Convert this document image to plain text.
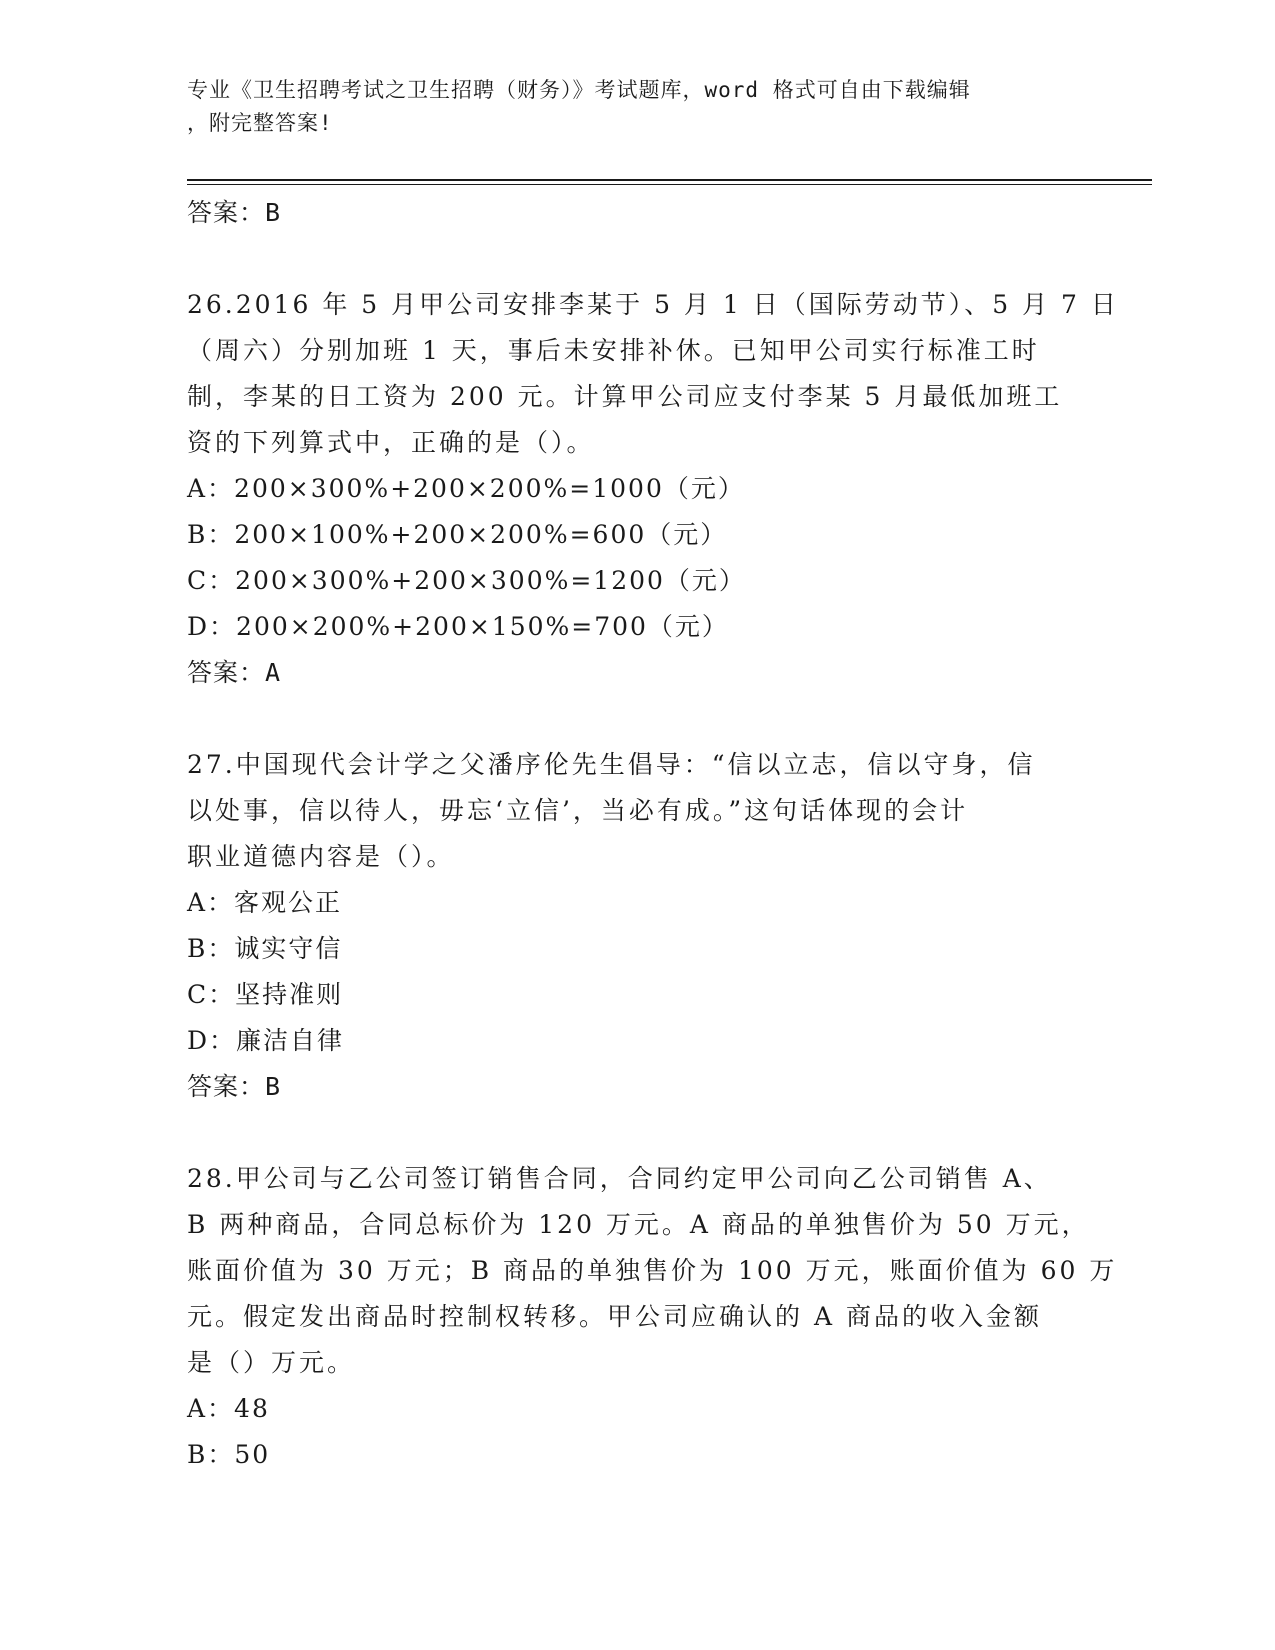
专业《卫生招聘考试之卫生招聘（财务）》考试题库，word 格式可自由下载编辑
，附完整答案!
答案：B
26.2016 年 5 月甲公司安排李某于 5 月 1 日（国际劳动节）、5 月 7 日
（周六）分别加班 1 天，事后未安排补休。已知甲公司实行标准工时
制，李某的日工资为 200 元。计算甲公司应支付李某 5 月最低加班工
资的下列算式中，正确的是（）。
A：200×300%+200×200%=1000（元）
B：200×100%+200×200%=600（元）
C：200×300%+200×300%=1200（元）
D：200×200%+200×150%=700（元）
答案：A
27.中国现代会计学之父潘序伦先生倡导：“信以立志，信以守身，信
以处事，信以待人，毋忘‘立信’，当必有成。”这句话体现的会计
职业道德内容是（）。
A：客观公正
B：诚实守信
C：坚持准则
D：廉洁自律
答案：B
28.甲公司与乙公司签订销售合同，合同约定甲公司向乙公司销售 A、
B 两种商品，合同总标价为 120 万元。A 商品的单独售价为 50 万元，
账面价值为 30 万元；B 商品的单独售价为 100 万元，账面价值为 60 万
元。假定发出商品时控制权转移。甲公司应确认的 A 商品的收入金额
是（）万元。
A：48
B：50
